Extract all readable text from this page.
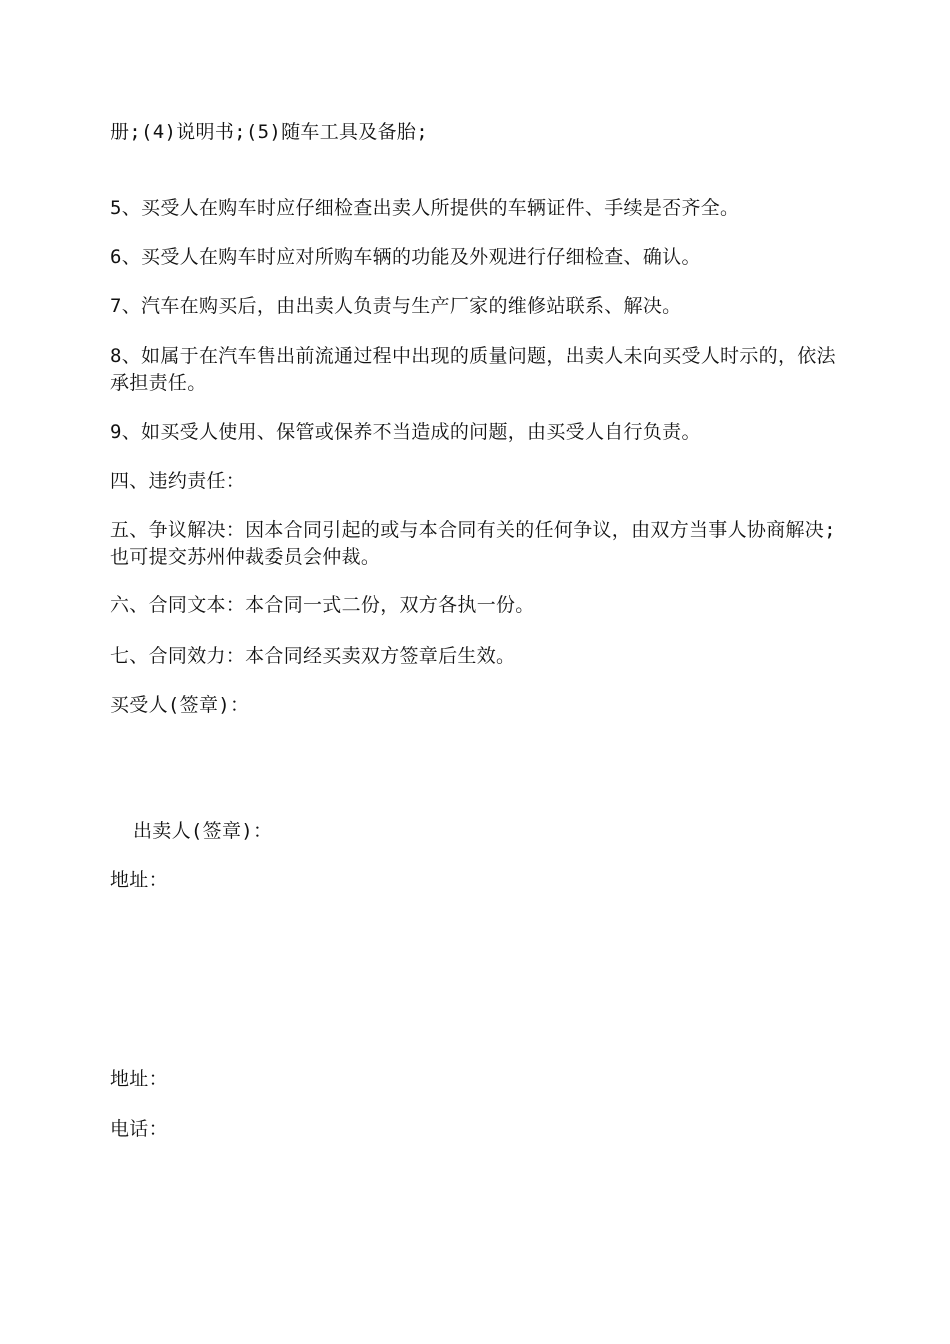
册;(4)说明书;(5)随车工具及备胎;
5、买受人在购车时应仔细检查出卖人所提供的车辆证件、手续是否齐全。
6、买受人在购车时应对所购车辆的功能及外观进行仔细检查、确认。
7、汽车在购买后，由出卖人负责与生产厂家的维修站联系、解决。
8、如属于在汽车售出前流通过程中出现的质量问题，出卖人未向买受人时示的，依法承担责任。
9、如买受人使用、保管或保养不当造成的问题，由买受人自行负责。
四、违约责任：
五、争议解决：因本合同引起的或与本合同有关的任何争议，由双方当事人协商解决;也可提交苏州仲裁委员会仲裁。
六、合同文本：本合同一式二份，双方各执一份。
七、合同效力：本合同经买卖双方签章后生效。
买受人(签章)：
出卖人(签章)：
地址：
地址：
电话：
